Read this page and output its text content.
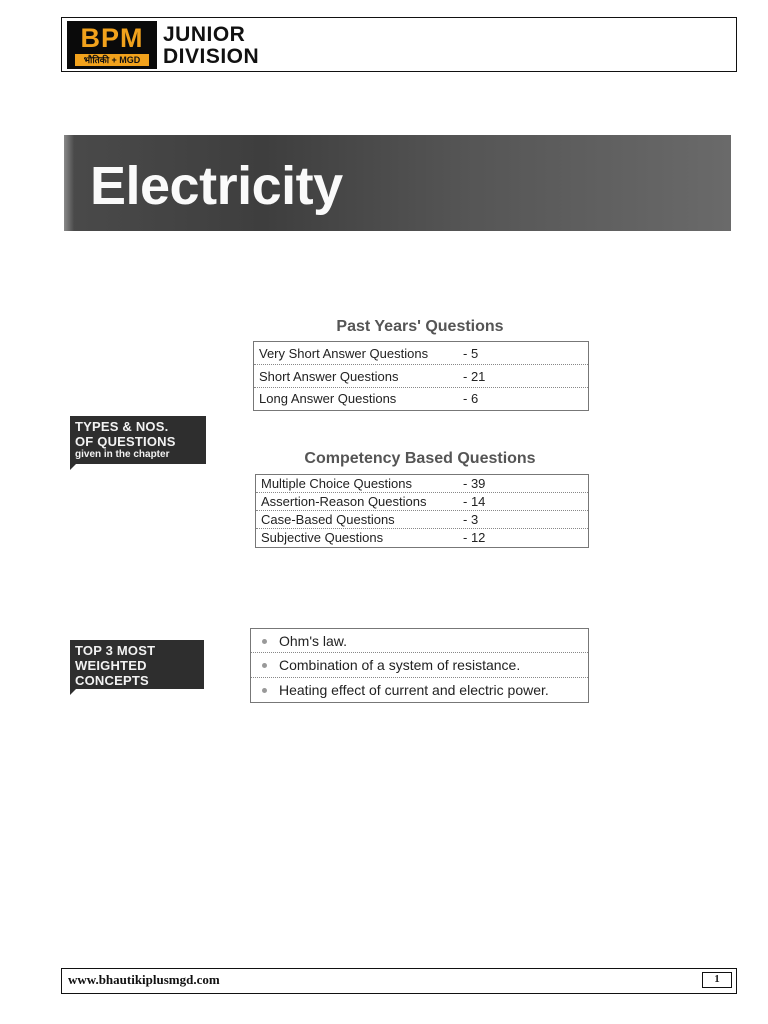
BPM
भौतिकी + MGD
JUNIOR
DIVISION
Electricity
Past Years' Questions
Very Short Answer Questions	- 5
Short Answer Questions	- 21
Long Answer Questions	- 6
TYPES & NOS.
OF QUESTIONS
given in the chapter	Competency Based Questions
Multiple Choice Questions	- 39
Assertion-Reason Questions	- 14
Case-Based Questions	- 3
Subjective Questions	- 12
TOP 3 MOST
WEIGHTED
CONCEPTS
Ohm's law.
Combination of a system of resistance.
Heating effect of current and electric power.
www.bhautikiplusmgd.com	1
